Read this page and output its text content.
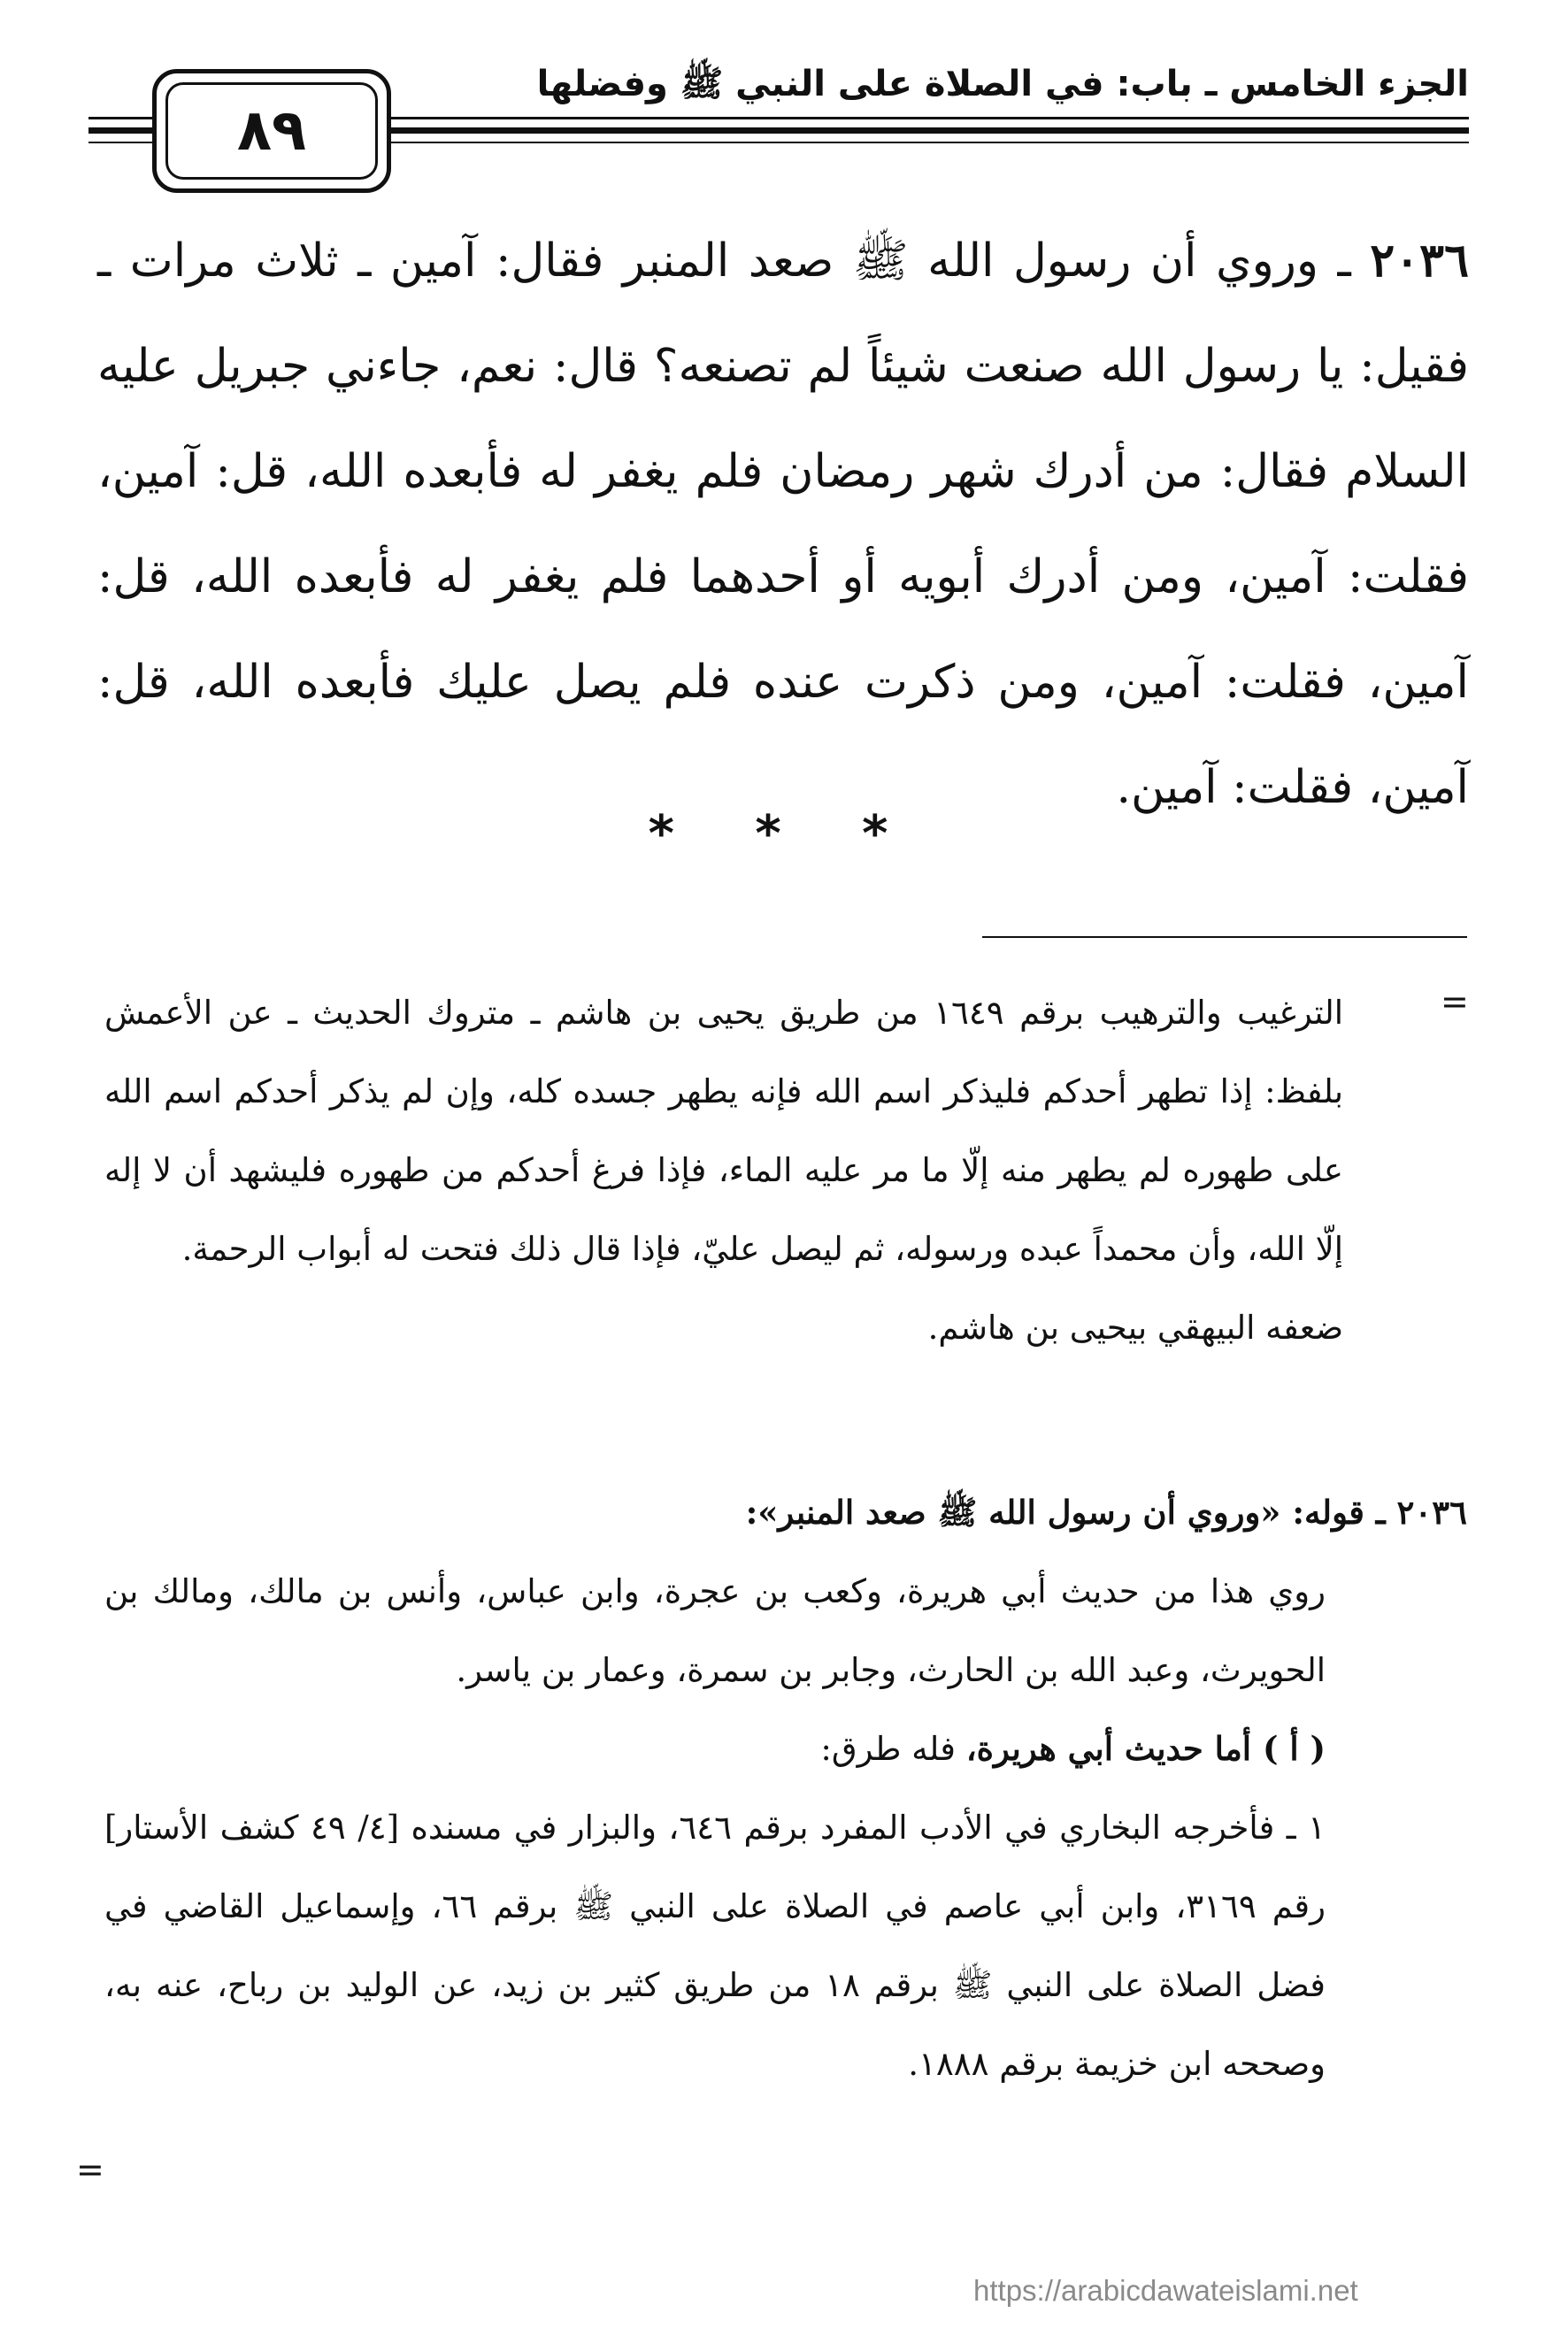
الجزء الخامس ـ باب: في الصلاة على النبي ﷺ وفضلها
٨٩

٢٠٣٦ ـ وروي أن رسول الله ﷺ صعد المنبر فقال: آمين ـ ثلاث مرات ـ فقيل: يا رسول الله صنعت شيئاً لم تصنعه؟ قال: نعم، جاءني جبريل عليه السلام فقال: من أدرك شهر رمضان فلم يغفر له فأبعده الله، قل: آمين، فقلت: آمين، ومن أدرك أبويه أو أحدهما فلم يغفر له فأبعده الله، قل: آمين، فقلت: آمين، ومن ذكرت عنده فلم يصل عليك فأبعده الله، قل: آمين، فقلت: آمين.

* * *
=

الترغيب والترهيب برقم ١٦٤٩ من طريق يحيى بن هاشم ـ متروك الحديث ـ عن الأعمش بلفظ: إذا تطهر أحدكم فليذكر اسم الله فإنه يطهر جسده كله، وإن لم يذكر أحدكم اسم الله على طهوره لم يطهر منه إلّا ما مر عليه الماء، فإذا فرغ أحدكم من طهوره فليشهد أن لا إله إلّا الله، وأن محمداً عبده ورسوله، ثم ليصل عليّ، فإذا قال ذلك فتحت له أبواب الرحمة.

ضعفه البيهقي بيحيى بن هاشم.

٢٠٣٦ ـ قوله: «وروي أن رسول الله ﷺ صعد المنبر»:

روي هذا من حديث أبي هريرة، وكعب بن عجرة، وابن عباس، وأنس بن مالك، ومالك بن الحويرث، وعبد الله بن الحارث، وجابر بن سمرة، وعمار بن ياسر.

( أ ) أما حديث أبي هريرة، فله طرق:

١ ـ فأخرجه البخاري في الأدب المفرد برقم ٦٤٦، والبزار في مسنده [٤/ ٤٩ كشف الأستار] رقم ٣١٦٩، وابن أبي عاصم في الصلاة على النبي ﷺ برقم ٦٦، وإسماعيل القاضي في فضل الصلاة على النبي ﷺ برقم ١٨ من طريق كثير بن زيد، عن الوليد بن رباح، عنه به، وصححه ابن خزيمة برقم ١٨٨٨.

=
https://arabicdawateislami.net
